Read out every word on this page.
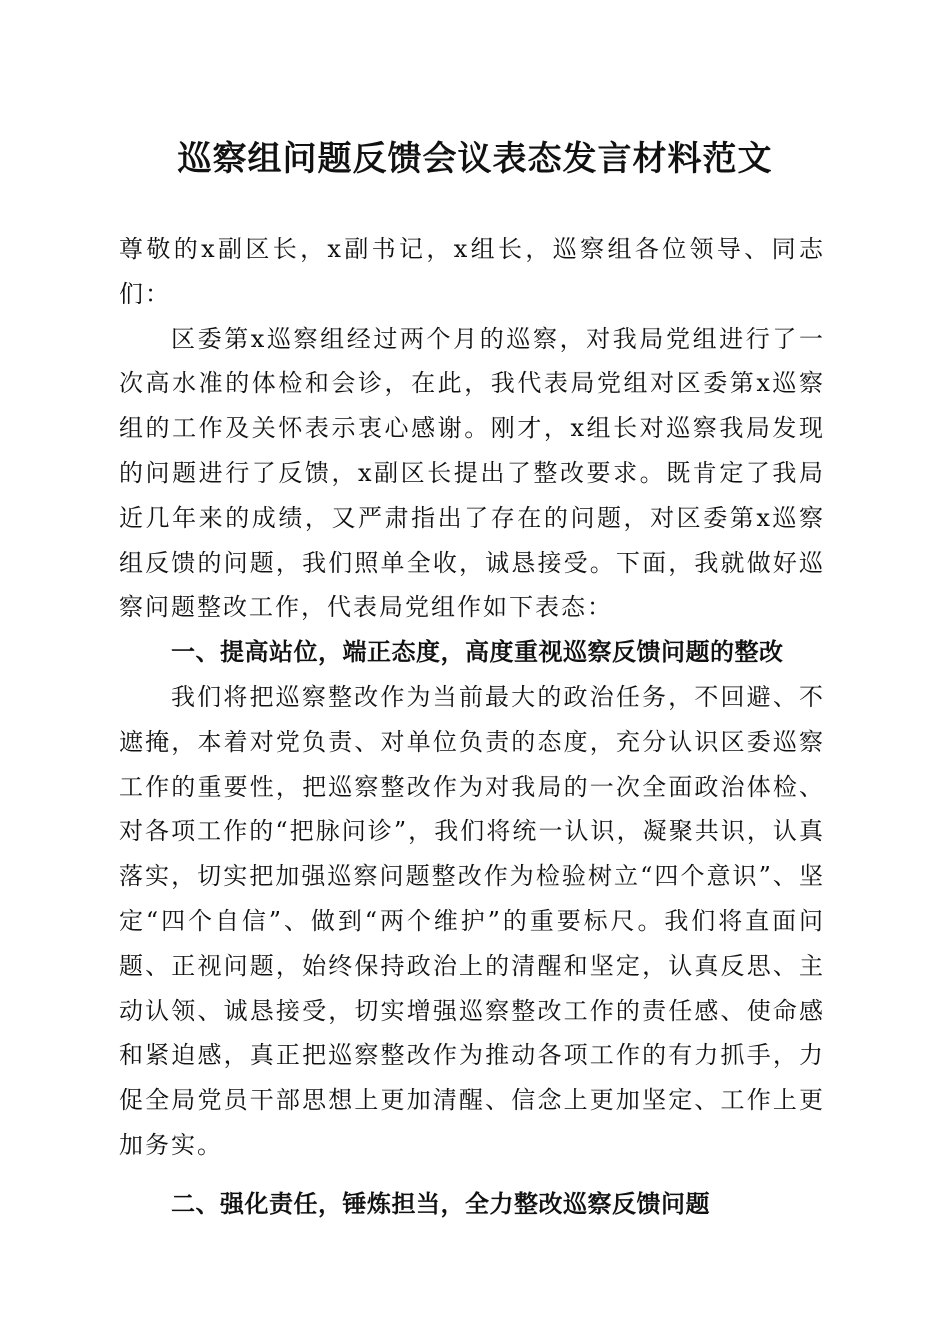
巡察组问题反馈会议表态发言材料范文

尊敬的x副区长，x副书记，x组长，巡察组各位领导、同志们：

区委第x巡察组经过两个月的巡察，对我局党组进行了一次高水准的体检和会诊，在此，我代表局党组对区委第x巡察组的工作及关怀表示衷心感谢。刚才，x组长对巡察我局发现的问题进行了反馈，x副区长提出了整改要求。既肯定了我局近几年来的成绩，又严肃指出了存在的问题，对区委第x巡察组反馈的问题，我们照单全收，诚恳接受。下面，我就做好巡察问题整改工作，代表局党组作如下表态：

一、提高站位，端正态度，高度重视巡察反馈问题的整改

我们将把巡察整改作为当前最大的政治任务，不回避、不遮掩，本着对党负责、对单位负责的态度，充分认识区委巡察工作的重要性，把巡察整改作为对我局的一次全面政治体检、对各项工作的“把脉问诊”，我们将统一认识，凝聚共识，认真落实，切实把加强巡察问题整改作为检验树立“四个意识”、坚定“四个自信”、做到“两个维护”的重要标尺。我们将直面问题、正视问题，始终保持政治上的清醒和坚定，认真反思、主动认领、诚恳接受，切实增强巡察整改工作的责任感、使命感和紧迫感，真正把巡察整改作为推动各项工作的有力抓手，力促全局党员干部思想上更加清醒、信念上更加坚定、工作上更加务实。

二、强化责任，锤炼担当，全力整改巡察反馈问题
